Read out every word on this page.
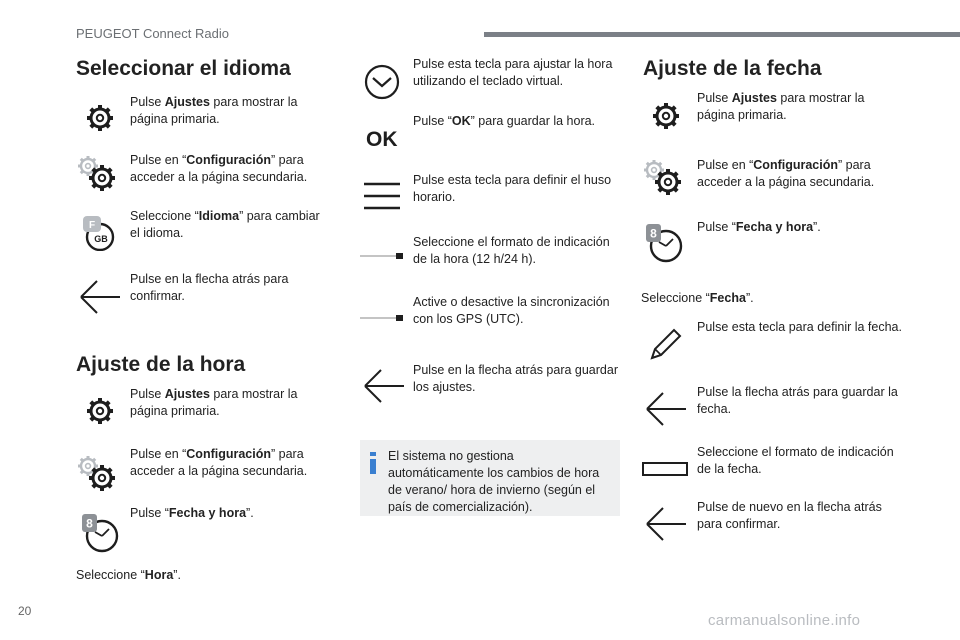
PEUGEOT Connect Radio
Seleccionar el idioma
Pulse Ajustes para mostrar la página primaria.
Pulse en “Configuración” para acceder a la página secundaria.
F
GB
Seleccione “Idioma” para cambiar el idioma.
Pulse en la flecha atrás para confirmar.
Ajuste de la hora
Pulse Ajustes para mostrar la página primaria.
Pulse en “Configuración” para acceder a la página secundaria.
8
Pulse “Fecha y hora”.
Seleccione “Hora”.
Pulse esta tecla para ajustar la hora utilizando el teclado virtual.
OK
Pulse “OK” para guardar la hora.
Pulse esta tecla para definir el huso horario.
Seleccione el formato de indicación de la hora (12 h/24 h).
Active o desactive la sincronización con los GPS (UTC).
Pulse en la flecha atrás para guardar los ajustes.
El sistema no gestiona automáticamente los cambios de hora de verano/ hora de invierno (según el país de comercialización).
Ajuste de la fecha
Pulse Ajustes para mostrar la página primaria.
Pulse en “Configuración” para acceder a la página secundaria.
8	Pulse “Fecha y hora”.
Seleccione “Fecha”.
Pulse esta tecla para definir la fecha.
Pulse la flecha atrás para guardar la fecha.
Seleccione el formato de indicación de la fecha.
Pulse de nuevo en la flecha atrás para confirmar.
20
carmanualsonline.info
